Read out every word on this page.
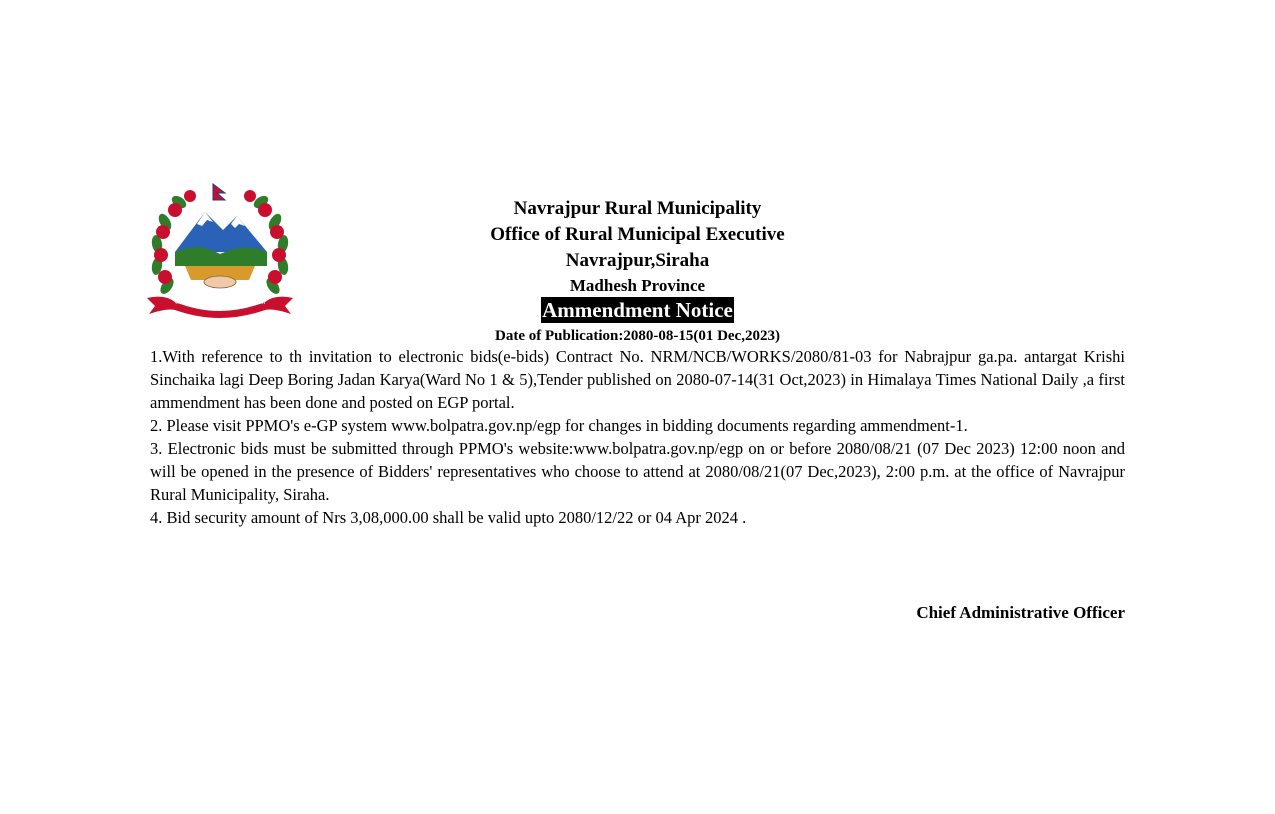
जननी जन्मभूमिश्च स्वर्गादपि गरीयसी
Navrajpur Rural Municipality
Office of Rural Municipal Executive
Navrajpur,Siraha
Madhesh Province
Ammendment Notice
Date of Publication:2080-08-15(01 Dec,2023)

1.With reference to th invitation to electronic bids(e-bids) Contract No. NRM/NCB/WORKS/2080/81-03 for Nabrajpur ga.pa. antargat Krishi Sinchaika lagi Deep Boring Jadan Karya(Ward No 1 & 5),Tender published on 2080-07-14(31 Oct,2023) in Himalaya Times National Daily ,a first ammendment has been done and posted on EGP portal.

2. Please visit PPMO's e-GP system www.bolpatra.gov.np/egp for changes in bidding documents regarding ammendment-1.

3. Electronic bids must be submitted through PPMO's website:www.bolpatra.gov.np/egp on or before 2080/08/21 (07 Dec 2023) 12:00 noon and will be opened in the presence of Bidders' representatives who choose to attend at 2080/08/21(07 Dec,2023), 2:00 p.m. at the office of Navrajpur Rural Municipality, Siraha.

4. Bid security amount of Nrs 3,08,000.00 shall be valid upto 2080/12/22 or 04 Apr 2024 .

Chief Administrative Officer
